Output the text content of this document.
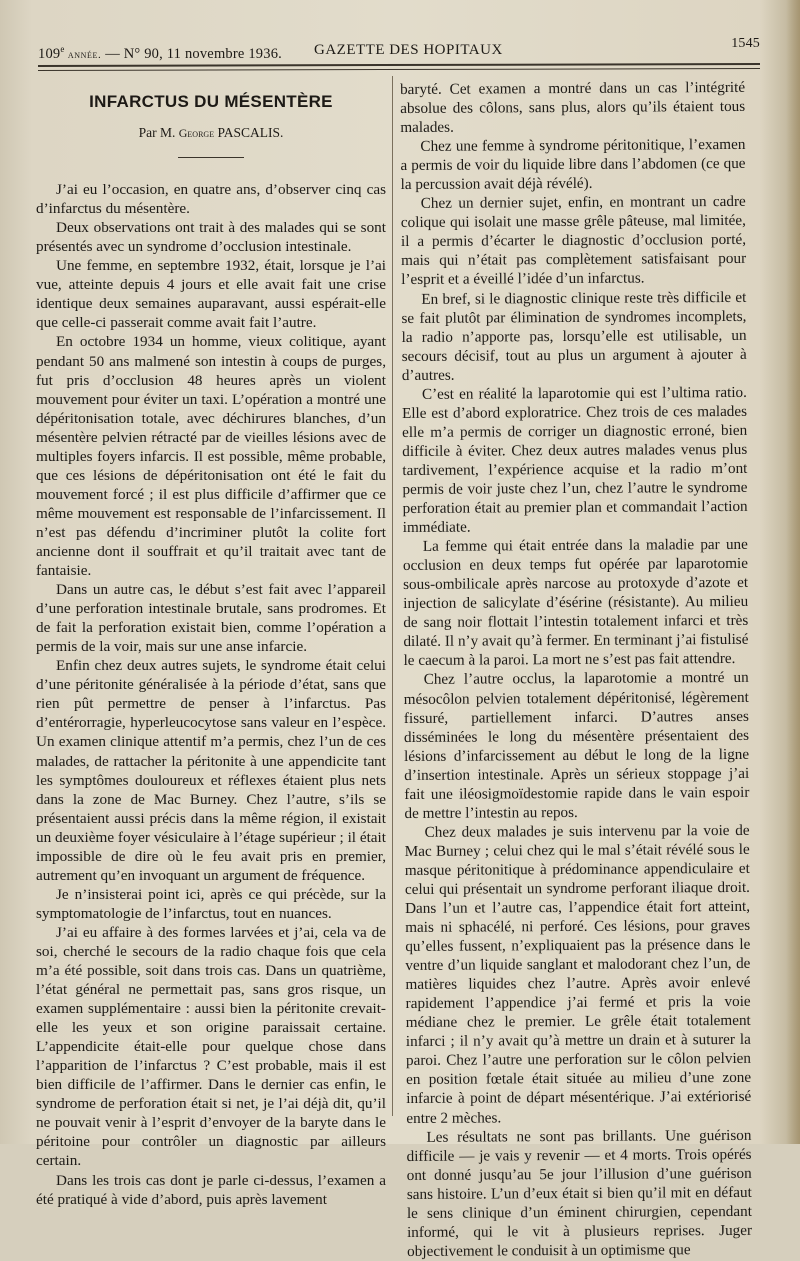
109e année. — N° 90, 11 novembre 1936. GAZETTE DES HOPITAUX	1545
INFARCTUS DU MÉSENTÈRE
Par M. George PASCALIS.

J’ai eu l’occasion, en quatre ans, d’observer cinq cas d’infarctus du mésentère.

Deux observations ont trait à des malades qui se sont présentés avec un syndrome d’occlusion intestinale.

Une femme, en septembre 1932, était, lorsque je l’ai vue, atteinte depuis 4 jours et elle avait fait une crise identique deux semaines auparavant, aussi espérait-elle que celle-ci passerait comme avait fait l’autre.

En octobre 1934 un homme, vieux colitique, ayant pendant 50 ans malmené son intestin à coups de purges, fut pris d’occlusion 48 heures après un violent mouvement pour éviter un taxi. L’opération a montré une dépéritonisation totale, avec déchirures blanches, d’un mésentère pelvien rétracté par de vieilles lésions avec de multiples foyers infarcis. Il est possible, même probable, que ces lésions de dépéritonisation ont été le fait du mouvement forcé ; il est plus difficile d’affirmer que ce même mouvement est responsable de l’infarcissement. Il n’est pas défendu d’incriminer plutôt la colite fort ancienne dont il souffrait et qu’il traitait avec tant de fantaisie.

Dans un autre cas, le début s’est fait avec l’appareil d’une perforation intestinale brutale, sans prodromes. Et de fait la perforation existait bien, comme l’opération a permis de la voir, mais sur une anse infarcie.

Enfin chez deux autres sujets, le syndrome était celui d’une péritonite généralisée à la période d’état, sans que rien pût permettre de penser à l’infarctus. Pas d’entérorragie, hyperleucocytose sans valeur en l’espèce. Un examen clinique attentif m’a permis, chez l’un de ces malades, de rattacher la péritonite à une appendicite tant les symptômes douloureux et réflexes étaient plus nets dans la zone de Mac Burney. Chez l’autre, s’ils se présentaient aussi précis dans la même région, il existait un deuxième foyer vésiculaire à l’étage supérieur ; il était impossible de dire où le feu avait pris en premier, autrement qu’en invoquant un argument de fréquence.

Je n’insisterai point ici, après ce qui précède, sur la symptomatologie de l’infarctus, tout en nuances.

J’ai eu affaire à des formes larvées et j’ai, cela va de soi, cherché le secours de la radio chaque fois que cela m’a été possible, soit dans trois cas. Dans un quatrième, l’état général ne permettait pas, sans gros risque, un examen supplémentaire : aussi bien la péritonite crevait-elle les yeux et son origine paraissait certaine. L’appendicite était-elle pour quelque chose dans l’apparition de l’infarctus ? C’est probable, mais il est bien difficile de l’affirmer. Dans le dernier cas enfin, le syndrome de perforation était si net, je l’ai déjà dit, qu’il ne pouvait venir à l’esprit d’envoyer de la baryte dans le péritoine pour contrôler un diagnostic par ailleurs certain.

Dans les trois cas dont je parle ci-dessus, l’examen a été pratiqué à vide d’abord, puis après lavement

baryté. Cet examen a montré dans un cas l’intégrité absolue des côlons, sans plus, alors qu’ils étaient tous malades.

Chez une femme à syndrome péritonitique, l’examen a permis de voir du liquide libre dans l’abdomen (ce que la percussion avait déjà révélé).

Chez un dernier sujet, enfin, en montrant un cadre colique qui isolait une masse grêle pâteuse, mal limitée, il a permis d’écarter le diagnostic d’occlusion porté, mais qui n’était pas complètement satisfaisant pour l’esprit et a éveillé l’idée d’un infarctus.

En bref, si le diagnostic clinique reste très difficile et se fait plutôt par élimination de syndromes incomplets, la radio n’apporte pas, lorsqu’elle est utilisable, un secours décisif, tout au plus un argument à ajouter à d’autres.

C’est en réalité la laparotomie qui est l’ultima ratio. Elle est d’abord exploratrice. Chez trois de ces malades elle m’a permis de corriger un diagnostic erroné, bien difficile à éviter. Chez deux autres malades venus plus tardivement, l’expérience acquise et la radio m’ont permis de voir juste chez l’un, chez l’autre le syndrome perforation était au premier plan et commandait l’action immédiate.

La femme qui était entrée dans la maladie par une occlusion en deux temps fut opérée par laparotomie sous-ombilicale après narcose au protoxyde d’azote et injection de salicylate d’ésérine (résistante). Au milieu de sang noir flottait l’intestin totalement infarci et très dilaté. Il n’y avait qu’à fermer. En terminant j’ai fistulisé le caecum à la paroi. La mort ne s’est pas fait attendre.

Chez l’autre occlus, la laparotomie a montré un mésocôlon pelvien totalement dépéritonisé, légèrement fissuré, partiellement infarci. D’autres anses disséminées le long du mésentère présentaient des lésions d’infarcissement au début le long de la ligne d’insertion intestinale. Après un sérieux stoppage j’ai fait une iléosigmoïdestomie rapide dans le vain espoir de mettre l’intestin au repos.

Chez deux malades je suis intervenu par la voie de Mac Burney ; celui chez qui le mal s’était révélé sous le masque péritonitique à prédominance appendiculaire et celui qui présentait un syndrome perforant iliaque droit. Dans l’un et l’autre cas, l’appendice était fort atteint, mais ni sphacélé, ni perforé. Ces lésions, pour graves qu’elles fussent, n’expliquaient pas la présence dans le ventre d’un liquide sanglant et malodorant chez l’un, de matières liquides chez l’autre. Après avoir enlevé rapidement l’appendice j’ai fermé et pris la voie médiane chez le premier. Le grêle était totalement infarci ; il n’y avait qu’à mettre un drain et à suturer la paroi. Chez l’autre une perforation sur le côlon pelvien en position fœtale était située au milieu d’une zone infarcie à point de départ mésentérique. J’ai extériorisé entre 2 mèches.

Les résultats ne sont pas brillants. Une guérison difficile — je vais y revenir — et 4 morts. Trois opérés ont donné jusqu’au 5e jour l’illusion d’une guérison sans histoire. L’un d’eux était si bien qu’il mit en défaut le sens clinique d’un éminent chirurgien, cependant informé, qui le vit à plusieurs reprises. Juger objectivement le conduisit à un optimisme que
